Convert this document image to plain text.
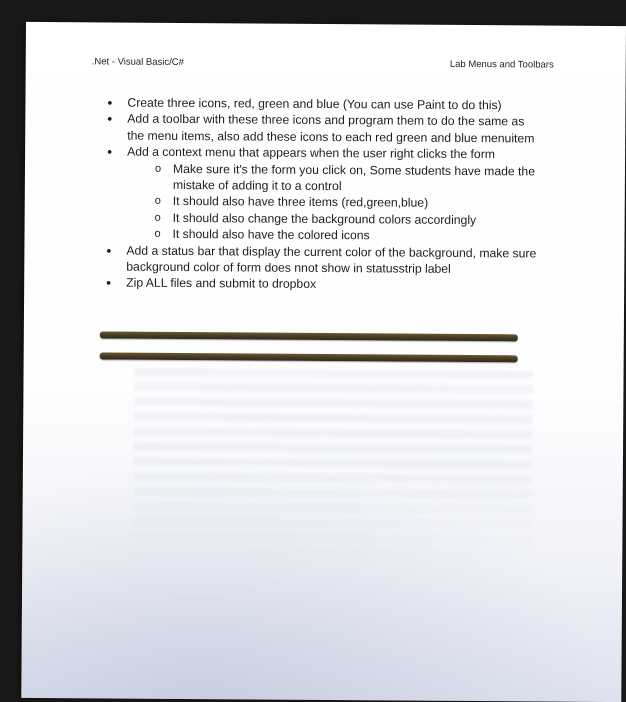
.Net - Visual Basic/C#	Lab Menus and Toolbars
• Create three icons, red, green and blue (You can use Paint to do this)
• Add a toolbar with these three icons and program them to do the same as the menu items, also add these icons to each red green and blue menuitem
• Add a context menu that appears when the user right clicks the form
o Make sure it's the form you click on, Some students have made the mistake of adding it to a control
o It should also have three items (red,green,blue)
o It should also change the background colors accordingly
o It should also have the colored icons
• Add a status bar that display the current color of the background, make sure background color of form does nnot show in statusstrip label
• Zip ALL files and submit to dropbox
